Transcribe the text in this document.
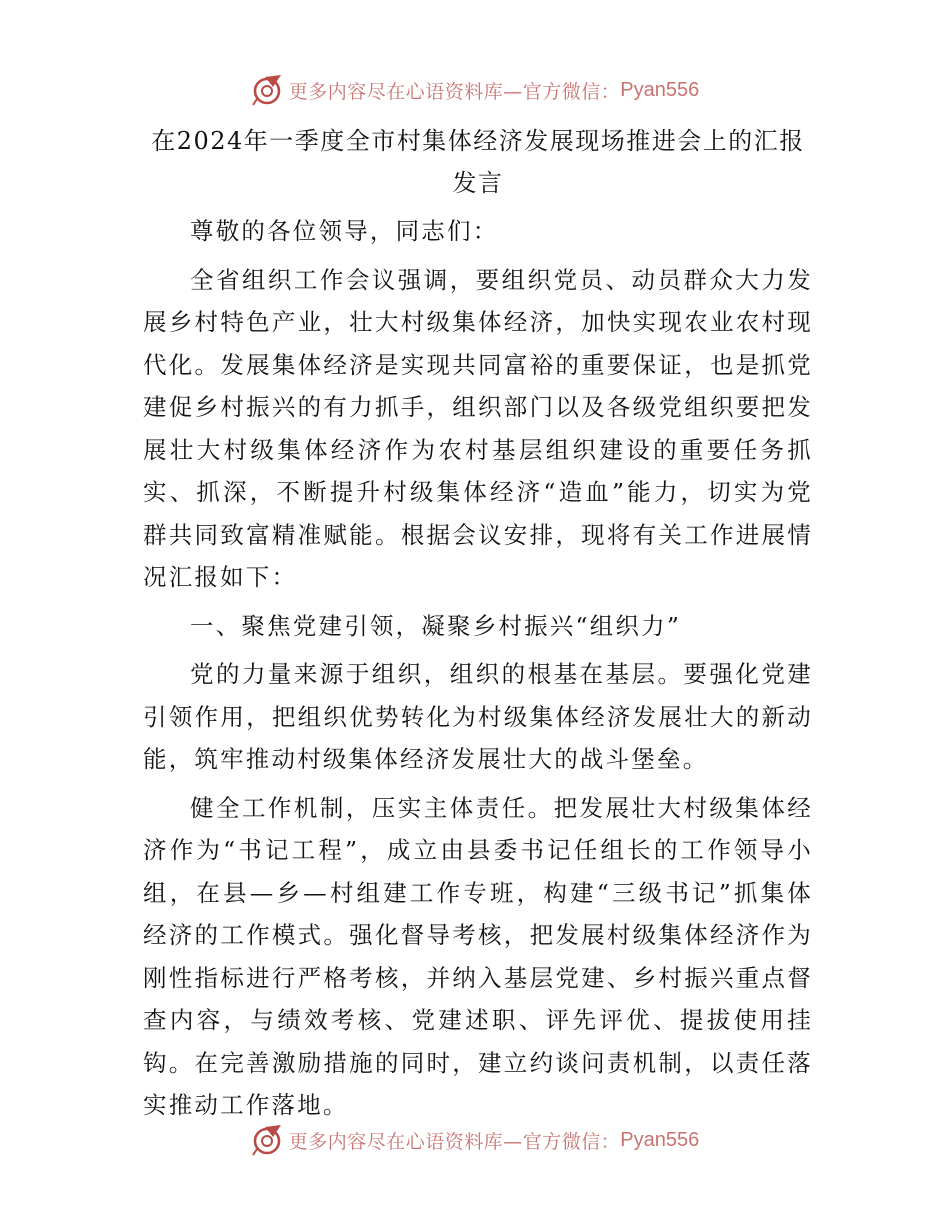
更多内容尽在心语资料库—官方微信： Pyan556
在2024年一季度全市村集体经济发展现场推进会上的汇报发言

尊敬的各位领导，同志们：

全省组织工作会议强调，要组织党员、动员群众大力发展乡村特色产业，壮大村级集体经济，加快实现农业农村现代化。发展集体经济是实现共同富裕的重要保证，也是抓党建促乡村振兴的有力抓手，组织部门以及各级党组织要把发展壮大村级集体经济作为农村基层组织建设的重要任务抓实、抓深，不断提升村级集体经济“造血”能力，切实为党群共同致富精准赋能。根据会议安排，现将有关工作进展情况汇报如下：

一、聚焦党建引领，凝聚乡村振兴“组织力”

党的力量来源于组织，组织的根基在基层。要强化党建引领作用，把组织优势转化为村级集体经济发展壮大的新动能，筑牢推动村级集体经济发展壮大的战斗堡垒。

健全工作机制，压实主体责任。把发展壮大村级集体经济作为“书记工程”，成立由县委书记任组长的工作领导小组，在县—乡—村组建工作专班，构建“三级书记”抓集体经济的工作模式。强化督导考核，把发展村级集体经济作为刚性指标进行严格考核，并纳入基层党建、乡村振兴重点督查内容，与绩效考核、党建述职、评先评优、提拔使用挂钩。在完善激励措施的同时，建立约谈问责机制，以责任落实推动工作落地。

更多内容尽在心语资料库—官方微信： Pyan556
